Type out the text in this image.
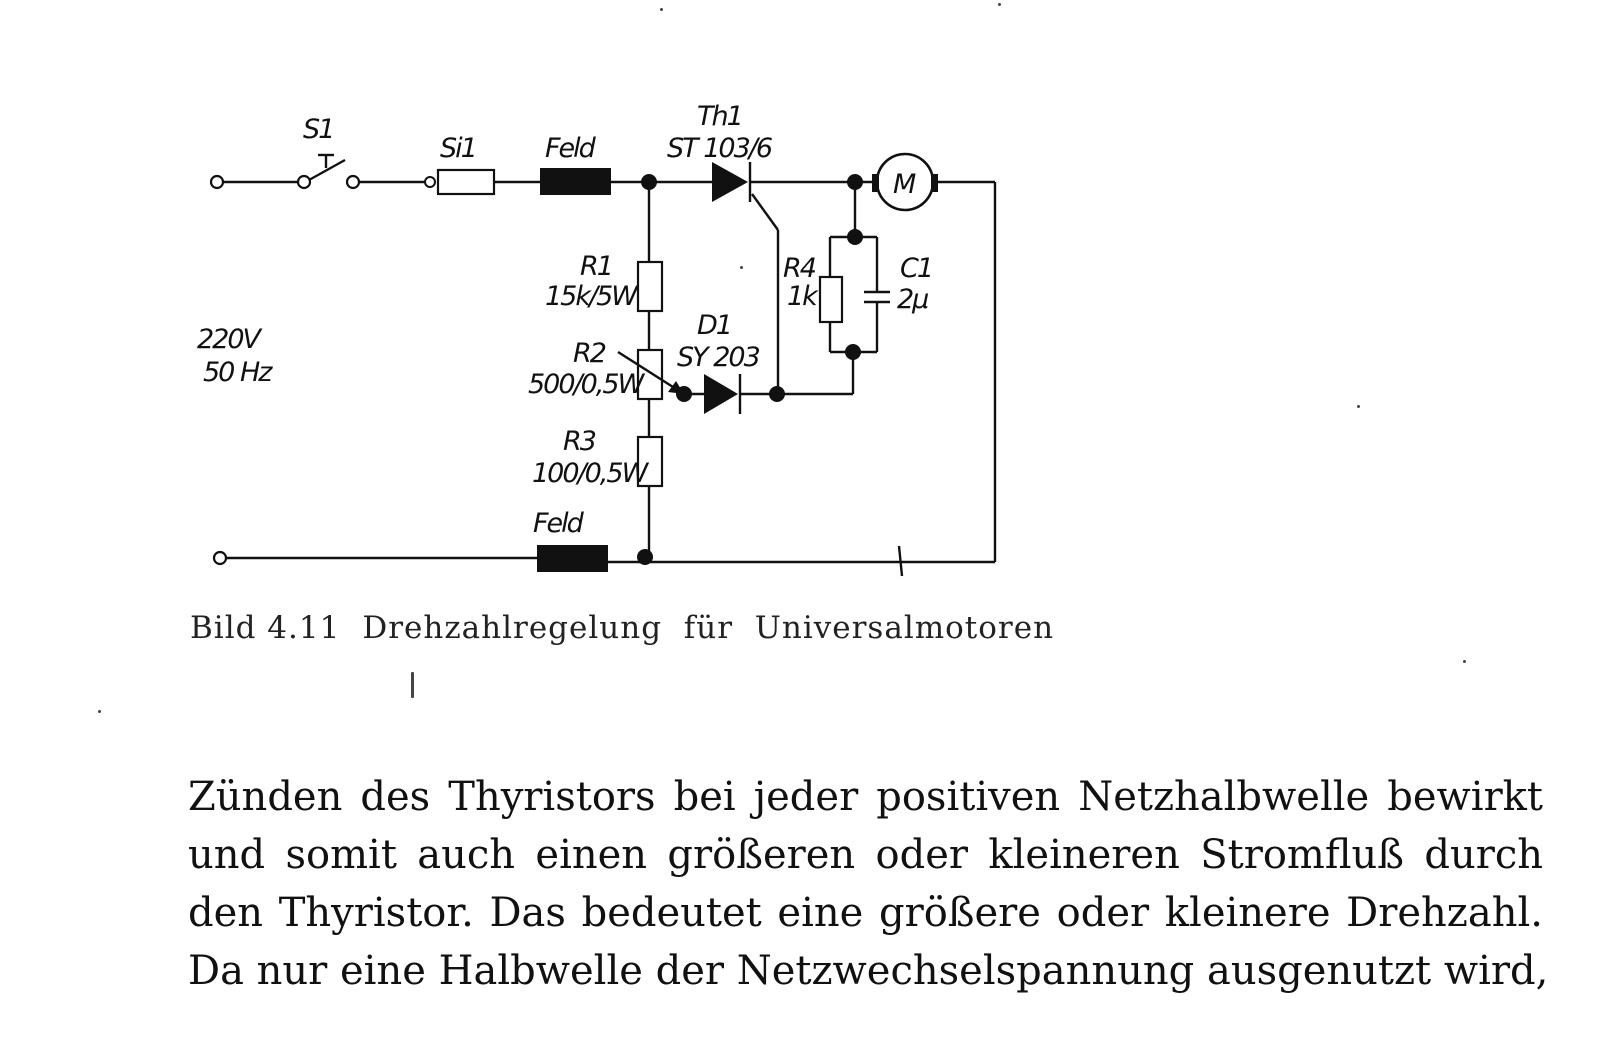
S1
Si1	Feld
Th1
ST 103/6
M
R1
15k/5W
R2
500/0,5W
R3
100/0,5W
D1
SY 203
R4
1k
C1
2µ
220V
50 Hz
Feld
Bild 4.11 Drehzahlregelung  für  Universalmotoren

Zünden des Thyristors bei jeder positiven Netzhalbwelle bewirkt

und somit auch einen größeren oder kleineren Stromfluß durch

den Thyristor. Das bedeutet eine größere oder kleinere Drehzahl.

Da nur eine Halbwelle der Netzwechselspannung ausgenutzt wird,
